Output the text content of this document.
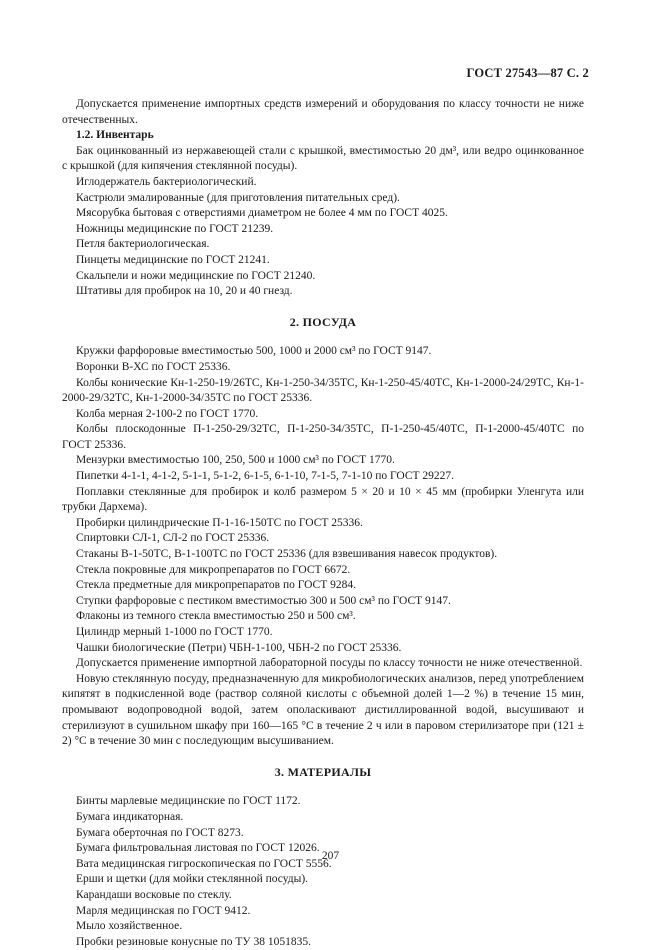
ГОСТ 27543—87 С. 2

Допускается применение импортных средств измерений и оборудования по классу точности не ниже отечественных.

1.2. Инвентарь

Бак оцинкованный из нержавеющей стали с крышкой, вместимостью 20 дм³, или ведро оцинкованное с крышкой (для кипячения стеклянной посуды).

Иглодержатель бактериологический.

Кастрюли эмалированные (для приготовления питательных сред).

Мясорубка бытовая с отверстиями диаметром не более 4 мм по ГОСТ 4025.

Ножницы медицинские по ГОСТ 21239.

Петля бактериологическая.

Пинцеты медицинские по ГОСТ 21241.

Скальпели и ножи медицинские по ГОСТ 21240.

Штативы для пробирок на 10, 20 и 40 гнезд.

2. ПОСУДА

Кружки фарфоровые вместимостью 500, 1000 и 2000 см³ по ГОСТ 9147.

Воронки В-ХС по ГОСТ 25336.

Колбы конические Кн-1-250-19/26ТС, Кн-1-250-34/35ТС, Кн-1-250-45/40ТС, Кн-1-2000-24/29ТС, Кн-1-2000-29/32ТС, Кн-1-2000-34/35ТС по ГОСТ 25336.

Колба мерная 2-100-2 по ГОСТ 1770.

Колбы плоскодонные П-1-250-29/32ТС, П-1-250-34/35ТС, П-1-250-45/40ТС, П-1-2000-45/40ТС по ГОСТ 25336.

Мензурки вместимостью 100, 250, 500 и 1000 см³ по ГОСТ 1770.

Пипетки 4-1-1, 4-1-2, 5-1-1, 5-1-2, 6-1-5, 6-1-10, 7-1-5, 7-1-10 по ГОСТ 29227.

Поплавки стеклянные для пробирок и колб размером 5 × 20 и 10 × 45 мм (пробирки Уленгута или трубки Дархема).

Пробирки цилиндрические П-1-16-150ТС по ГОСТ 25336.

Спиртовки СЛ-1, СЛ-2 по ГОСТ 25336.

Стаканы В-1-50ТС, В-1-100ТС по ГОСТ 25336 (для взвешивания навесок продуктов).

Стекла покровные для микропрепаратов по ГОСТ 6672.

Стекла предметные для микропрепаратов по ГОСТ 9284.

Ступки фарфоровые с пестиком вместимостью 300 и 500 см³ по ГОСТ 9147.

Флаконы из темного стекла вместимостью 250 и 500 см³.

Цилиндр мерный 1-1000 по ГОСТ 1770.

Чашки биологические (Петри) ЧБН-1-100, ЧБН-2 по ГОСТ 25336.

Допускается применение импортной лабораторной посуды по классу точности не ниже отечественной.

Новую стеклянную посуду, предназначенную для микробиологических анализов, перед употреблением кипятят в подкисленной воде (раствор соляной кислоты с объемной долей 1—2 %) в течение 15 мин, промывают водопроводной водой, затем ополаскивают дистиллированной водой, высушивают и стерилизуют в сушильном шкафу при 160—165 °С в течение 2 ч или в паровом стерилизаторе при (121 ± 2) °С в течение 30 мин с последующим высушиванием.

3. МАТЕРИАЛЫ

Бинты марлевые медицинские по ГОСТ 1172.

Бумага индикаторная.

Бумага оберточная по ГОСТ 8273.

Бумага фильтровальная листовая по ГОСТ 12026.

Вата медицинская гигроскопическая по ГОСТ 5556.

Ерши и щетки (для мойки стеклянной посуды).

Карандаши восковые по стеклу.

Марля медицинская по ГОСТ 9412.

Мыло хозяйственное.

Пробки резиновые конусные по ТУ 38 1051835.

207
